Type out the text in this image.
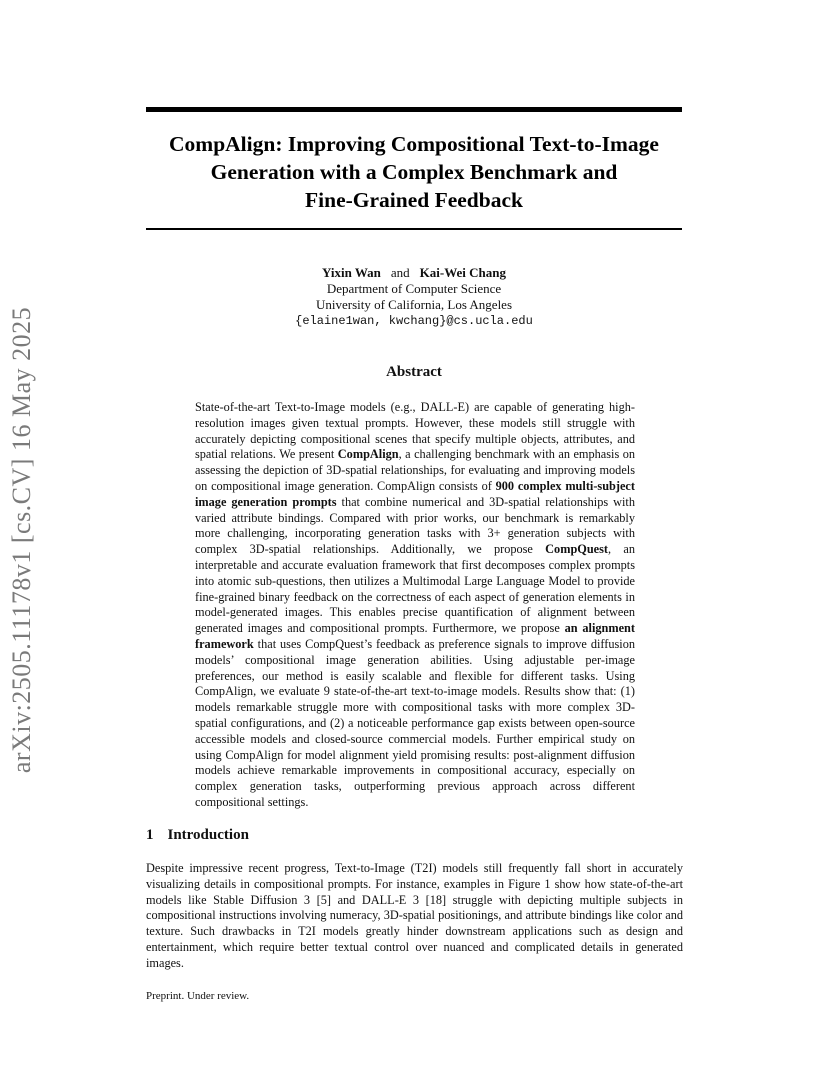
arXiv:2505.11178v1 [cs.CV] 16 May 2025
CompAlign: Improving Compositional Text-to-Image
Generation with a Complex Benchmark and
Fine-Grained Feedback
Yixin Wan and Kai-Wei Chang
Department of Computer Science
University of California, Los Angeles
{elaine1wan, kwchang}@cs.ucla.edu
Abstract
State-of-the-art Text-to-Image models (e.g., DALL-E) are capable of generating high-resolution images given textual prompts. However, these models still struggle with accurately depicting compositional scenes that specify multiple objects, attributes, and spatial relations. We present CompAlign, a challenging benchmark with an emphasis on assessing the depiction of 3D-spatial relationships, for evaluating and improving models on compositional image generation. CompAlign consists of 900 complex multi-subject image generation prompts that combine numerical and 3D-spatial relationships with varied attribute bindings. Compared with prior works, our benchmark is remarkably more challenging, incorporating generation tasks with 3+ generation subjects with complex 3D-spatial relationships. Additionally, we propose CompQuest, an interpretable and accurate evaluation framework that first decomposes complex prompts into atomic sub-questions, then utilizes a Multimodal Large Language Model to provide fine-grained binary feedback on the correctness of each aspect of generation elements in model-generated images. This enables precise quantification of alignment between generated images and compositional prompts. Furthermore, we propose an alignment framework that uses CompQuest’s feedback as preference signals to improve diffusion models’ compositional image generation abilities. Using adjustable per-image preferences, our method is easily scalable and flexible for different tasks. Using CompAlign, we evaluate 9 state-of-the-art text-to-image models. Results show that: (1) models remarkable struggle more with compositional tasks with more complex 3D-spatial configurations, and (2) a noticeable performance gap exists between open-source accessible models and closed-source commercial models. Further empirical study on using CompAlign for model alignment yield promising results: post-alignment diffusion models achieve remarkable improvements in compositional accuracy, especially on complex generation tasks, outperforming previous approach across different compositional settings.
1 Introduction
Despite impressive recent progress, Text-to-Image (T2I) models still frequently fall short in accurately visualizing details in compositional prompts. For instance, examples in Figure 1 show how state-of-the-art models like Stable Diffusion 3 [5] and DALL-E 3 [18] struggle with depicting multiple subjects in compositional instructions involving numeracy, 3D-spatial positionings, and attribute bindings like color and texture. Such drawbacks in T2I models greatly hinder downstream applications such as design and entertainment, which require better textual control over nuanced and complicated details in generated images.
Preprint. Under review.
